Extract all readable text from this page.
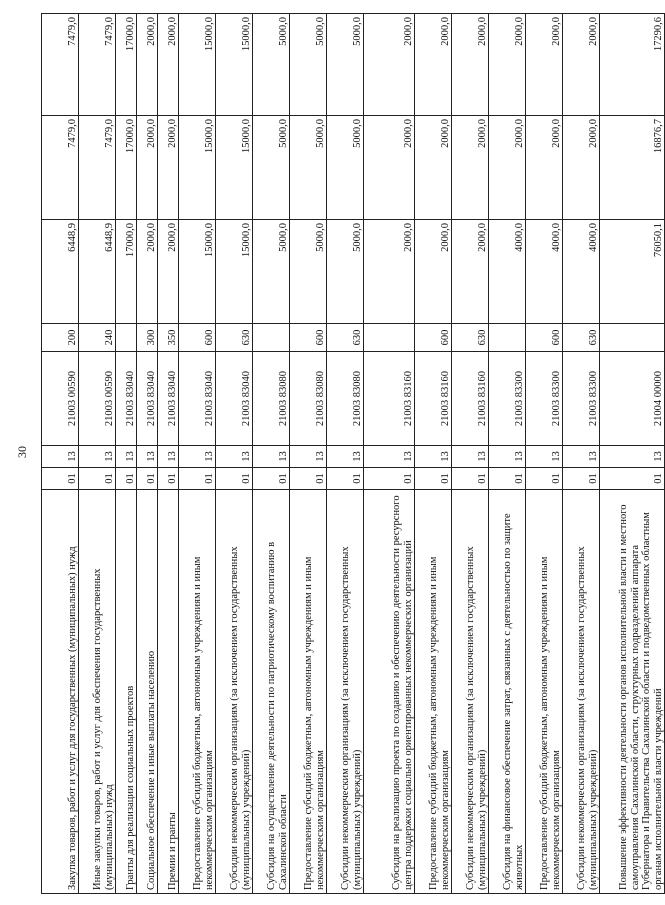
30
Закупка товаров, работ и услуг для государственных (муниципальных) нужд	01	13	21003 00590	200	6448,9	7479,0	7479,0
Иные закупки товаров, работ и услуг для обеспечения государственных (муниципальных) нужд	01	13	21003 00590	240	6448,9	7479,0	7479,0
Гранты для реализации социальных проектов	01	13	21003 83040		17000,0	17000,0	17000,0
Социальное обеспечение и иные выплаты населению	01	13	21003 83040	300	2000,0	2000,0	2000,0
Премии и гранты	01	13	21003 83040	350	2000,0	2000,0	2000,0
Предоставление субсидий бюджетным, автономным учреждениям и иным некоммерческим организациям	01	13	21003 83040	600	15000,0	15000,0	15000,0
Субсидии некоммерческим организациям (за исключением государственных (муниципальных) учреждений)	01	13	21003 83040	630	15000,0	15000,0	15000,0
Субсидия на осуществление деятельности по патриотическому воспитанию в Сахалинской области	01	13	21003 83080		5000,0	5000,0	5000,0
Предоставление субсидий бюджетным, автономным учреждениям и иным некоммерческим организациям	01	13	21003 83080	600	5000,0	5000,0	5000,0
Субсидии некоммерческим организациям (за исключением государственных (муниципальных) учреждений)	01	13	21003 83080	630	5000,0	5000,0	5000,0
Субсидия на реализацию проекта по созданию и обеспечению деятельности ресурсного центра поддержки социально ориентированных некоммерческих организаций	01	13	21003 83160		2000,0	2000,0	2000,0
Предоставление субсидий бюджетным, автономным учреждениям и иным некоммерческим организациям	01	13	21003 83160	600	2000,0	2000,0	2000,0
Субсидии некоммерческим организациям (за исключением государственных (муниципальных) учреждений)	01	13	21003 83160	630	2000,0	2000,0	2000,0
Субсидия на финансовое обеспечение затрат, связанных с деятельностью по защите животных	01	13	21003 83300		4000,0	2000,0	2000,0
Предоставление субсидий бюджетным, автономным учреждениям и иным некоммерческим организациям	01	13	21003 83300	600	4000,0	2000,0	2000,0
Субсидии некоммерческим организациям (за исключением государственных (муниципальных) учреждений)	01	13	21003 83300	630	4000,0	2000,0	2000,0
Повышение эффективности деятельности органов исполнительной власти и местного самоуправления Сахалинской области, структурных подразделений аппарата Губернатора и Правительства Сахалинской области и подведомственных областным органам исполнительной власти учреждений	01	13	21004 00000		76050,1	16876,7	17290,6
